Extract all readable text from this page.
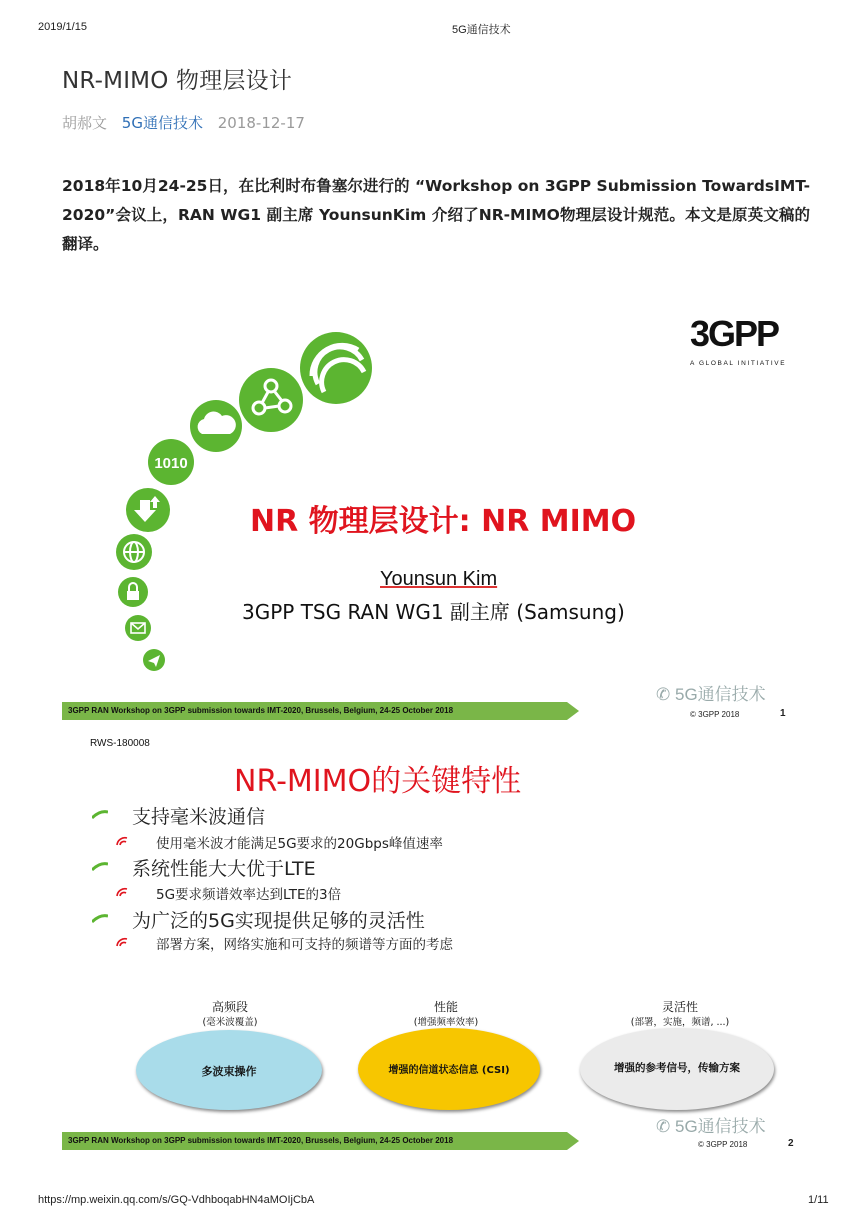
2019/1/15	5G通信技术
NR-MIMO 物理层设计
胡郝文 5G通信技术 2018-12-17
2018年10月24-25日，在比利时布鲁塞尔进行的 “Workshop on 3GPP Submission TowardsIMT-2020”会议上，RAN WG1 副主席 YounsunKim 介绍了NR-MIMO物理层设计规范。本文是原英文稿的翻译。
3GPP
A GLOBAL INITIATIVE
1010
NR 物理层设计: NR MIMO
Younsun Kim
3GPP TSG RAN WG1 副主席 (Samsung)
✆ 5G通信技术
3GPP RAN Workshop on 3GPP submission towards IMT-2020, Brussels, Belgium, 24-25 October 2018	© 3GPP 2018	1
RWS-180008
NR-MIMO的关键特性
支持毫米波通信
使用毫米波才能满足5G要求的20Gbps峰值速率
系统性能大大优于LTE
5G要求频谱效率达到LTE的3倍
为广泛的5G实现提供足够的灵活性
部署方案，网络实施和可支持的频谱等方面的考虑
高频段
(毫米波覆盖)
多波束操作
性能
(增强频率效率)
增强的信道状态信息 (CSI)
灵活性
(部署，实施，频谱, ...)
增强的参考信号，传输方案
✆ 5G通信技术
3GPP RAN Workshop on 3GPP submission towards IMT-2020, Brussels, Belgium, 24-25 October 2018	© 3GPP 2018	2
https://mp.weixin.qq.com/s/GQ-VdhboqabHN4aMOIjCbA	1/11
